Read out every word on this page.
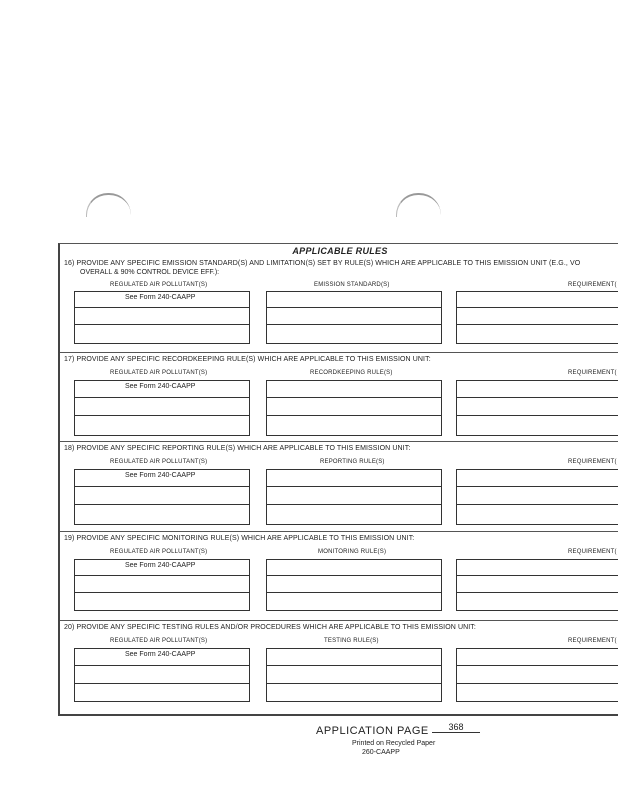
APPLICABLE RULES
16) PROVIDE ANY SPECIFIC EMISSION STANDARD(S) AND LIMITATION(S) SET BY RULE(S) WHICH ARE APPLICABLE TO THIS EMISSION UNIT (E.G., VO
OVERALL & 90% CONTROL DEVICE EFF.):
REGULATED AIR POLLUTANT(S)	EMISSION STANDARD(S)	REQUIREMENT(
See Form 240-CAAPP
17) PROVIDE ANY SPECIFIC RECORDKEEPING RULE(S) WHICH ARE APPLICABLE TO THIS EMISSION UNIT:
REGULATED AIR POLLUTANT(S)	RECORDKEEPING RULE(S)	REQUIREMENT(
See Form 240-CAAPP
18) PROVIDE ANY SPECIFIC REPORTING RULE(S) WHICH ARE APPLICABLE TO THIS EMISSION UNIT:
REGULATED AIR POLLUTANT(S)	REPORTING RULE(S)	REQUIREMENT(
See Form 240-CAAPP
19) PROVIDE ANY SPECIFIC MONITORING RULE(S) WHICH ARE APPLICABLE TO THIS EMISSION UNIT:
REGULATED AIR POLLUTANT(S)	MONITORING RULE(S)	REQUIREMENT(
See Form 240-CAAPP
20) PROVIDE ANY SPECIFIC TESTING RULES AND/OR PROCEDURES WHICH ARE APPLICABLE TO THIS EMISSION UNIT:
REGULATED AIR POLLUTANT(S)	TESTING RULE(S)	REQUIREMENT(
See Form 240-CAAPP
APPLICATION PAGE	368
Printed on Recycled Paper
260-CAAPP
